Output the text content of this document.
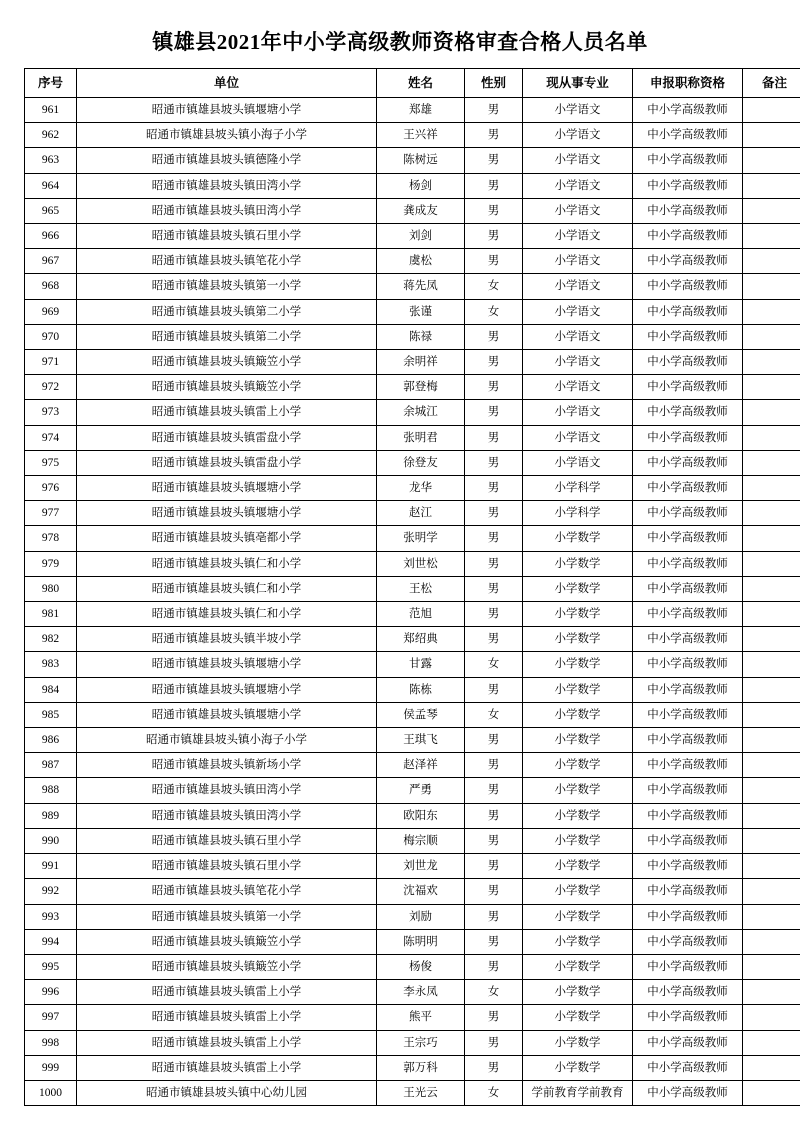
镇雄县2021年中小学高级教师资格审查合格人员名单
序号	单位	姓名	性别	现从事专业	申报职称资格	备注
961	昭通市镇雄县坡头镇堰塘小学	郑雄	男	小学语文	中小学高级教师	
962	昭通市镇雄县坡头镇小海子小学	王兴祥	男	小学语文	中小学高级教师	
963	昭通市镇雄县坡头镇德隆小学	陈树远	男	小学语文	中小学高级教师	
964	昭通市镇雄县坡头镇田湾小学	杨剑	男	小学语文	中小学高级教师	
965	昭通市镇雄县坡头镇田湾小学	龚成友	男	小学语文	中小学高级教师	
966	昭通市镇雄县坡头镇石里小学	刘剑	男	小学语文	中小学高级教师	
967	昭通市镇雄县坡头镇笔花小学	虞松	男	小学语文	中小学高级教师	
968	昭通市镇雄县坡头镇第一小学	蒋先凤	女	小学语文	中小学高级教师	
969	昭通市镇雄县坡头镇第二小学	张谨	女	小学语文	中小学高级教师	
970	昭通市镇雄县坡头镇第二小学	陈禄	男	小学语文	中小学高级教师	
971	昭通市镇雄县坡头镇簸笠小学	余明祥	男	小学语文	中小学高级教师	
972	昭通市镇雄县坡头镇簸笠小学	郭登梅	男	小学语文	中小学高级教师	
973	昭通市镇雄县坡头镇雷上小学	余城江	男	小学语文	中小学高级教师	
974	昭通市镇雄县坡头镇雷盘小学	张明君	男	小学语文	中小学高级教师	
975	昭通市镇雄县坡头镇雷盘小学	徐登友	男	小学语文	中小学高级教师	
976	昭通市镇雄县坡头镇堰塘小学	龙华	男	小学科学	中小学高级教师	
977	昭通市镇雄县坡头镇堰塘小学	赵江	男	小学科学	中小学高级教师	
978	昭通市镇雄县坡头镇亳都小学	张明学	男	小学数学	中小学高级教师	
979	昭通市镇雄县坡头镇仁和小学	刘世松	男	小学数学	中小学高级教师	
980	昭通市镇雄县坡头镇仁和小学	王松	男	小学数学	中小学高级教师	
981	昭通市镇雄县坡头镇仁和小学	范旭	男	小学数学	中小学高级教师	
982	昭通市镇雄县坡头镇半坡小学	郑绍典	男	小学数学	中小学高级教师	
983	昭通市镇雄县坡头镇堰塘小学	甘露	女	小学数学	中小学高级教师	
984	昭通市镇雄县坡头镇堰塘小学	陈栋	男	小学数学	中小学高级教师	
985	昭通市镇雄县坡头镇堰塘小学	侯孟琴	女	小学数学	中小学高级教师	
986	昭通市镇雄县坡头镇小海子小学	王琪飞	男	小学数学	中小学高级教师	
987	昭通市镇雄县坡头镇新场小学	赵泽祥	男	小学数学	中小学高级教师	
988	昭通市镇雄县坡头镇田湾小学	严勇	男	小学数学	中小学高级教师	
989	昭通市镇雄县坡头镇田湾小学	欧阳东	男	小学数学	中小学高级教师	
990	昭通市镇雄县坡头镇石里小学	梅宗顺	男	小学数学	中小学高级教师	
991	昭通市镇雄县坡头镇石里小学	刘世龙	男	小学数学	中小学高级教师	
992	昭通市镇雄县坡头镇笔花小学	沈福欢	男	小学数学	中小学高级教师	
993	昭通市镇雄县坡头镇第一小学	刘励	男	小学数学	中小学高级教师	
994	昭通市镇雄县坡头镇簸笠小学	陈明明	男	小学数学	中小学高级教师	
995	昭通市镇雄县坡头镇簸笠小学	杨俊	男	小学数学	中小学高级教师	
996	昭通市镇雄县坡头镇雷上小学	李永凤	女	小学数学	中小学高级教师	
997	昭通市镇雄县坡头镇雷上小学	熊平	男	小学数学	中小学高级教师	
998	昭通市镇雄县坡头镇雷上小学	王宗巧	男	小学数学	中小学高级教师	
999	昭通市镇雄县坡头镇雷上小学	郭万科	男	小学数学	中小学高级教师	
1000	昭通市镇雄县坡头镇中心幼儿园	王光云	女	学前教育学前教育	中小学高级教师	
